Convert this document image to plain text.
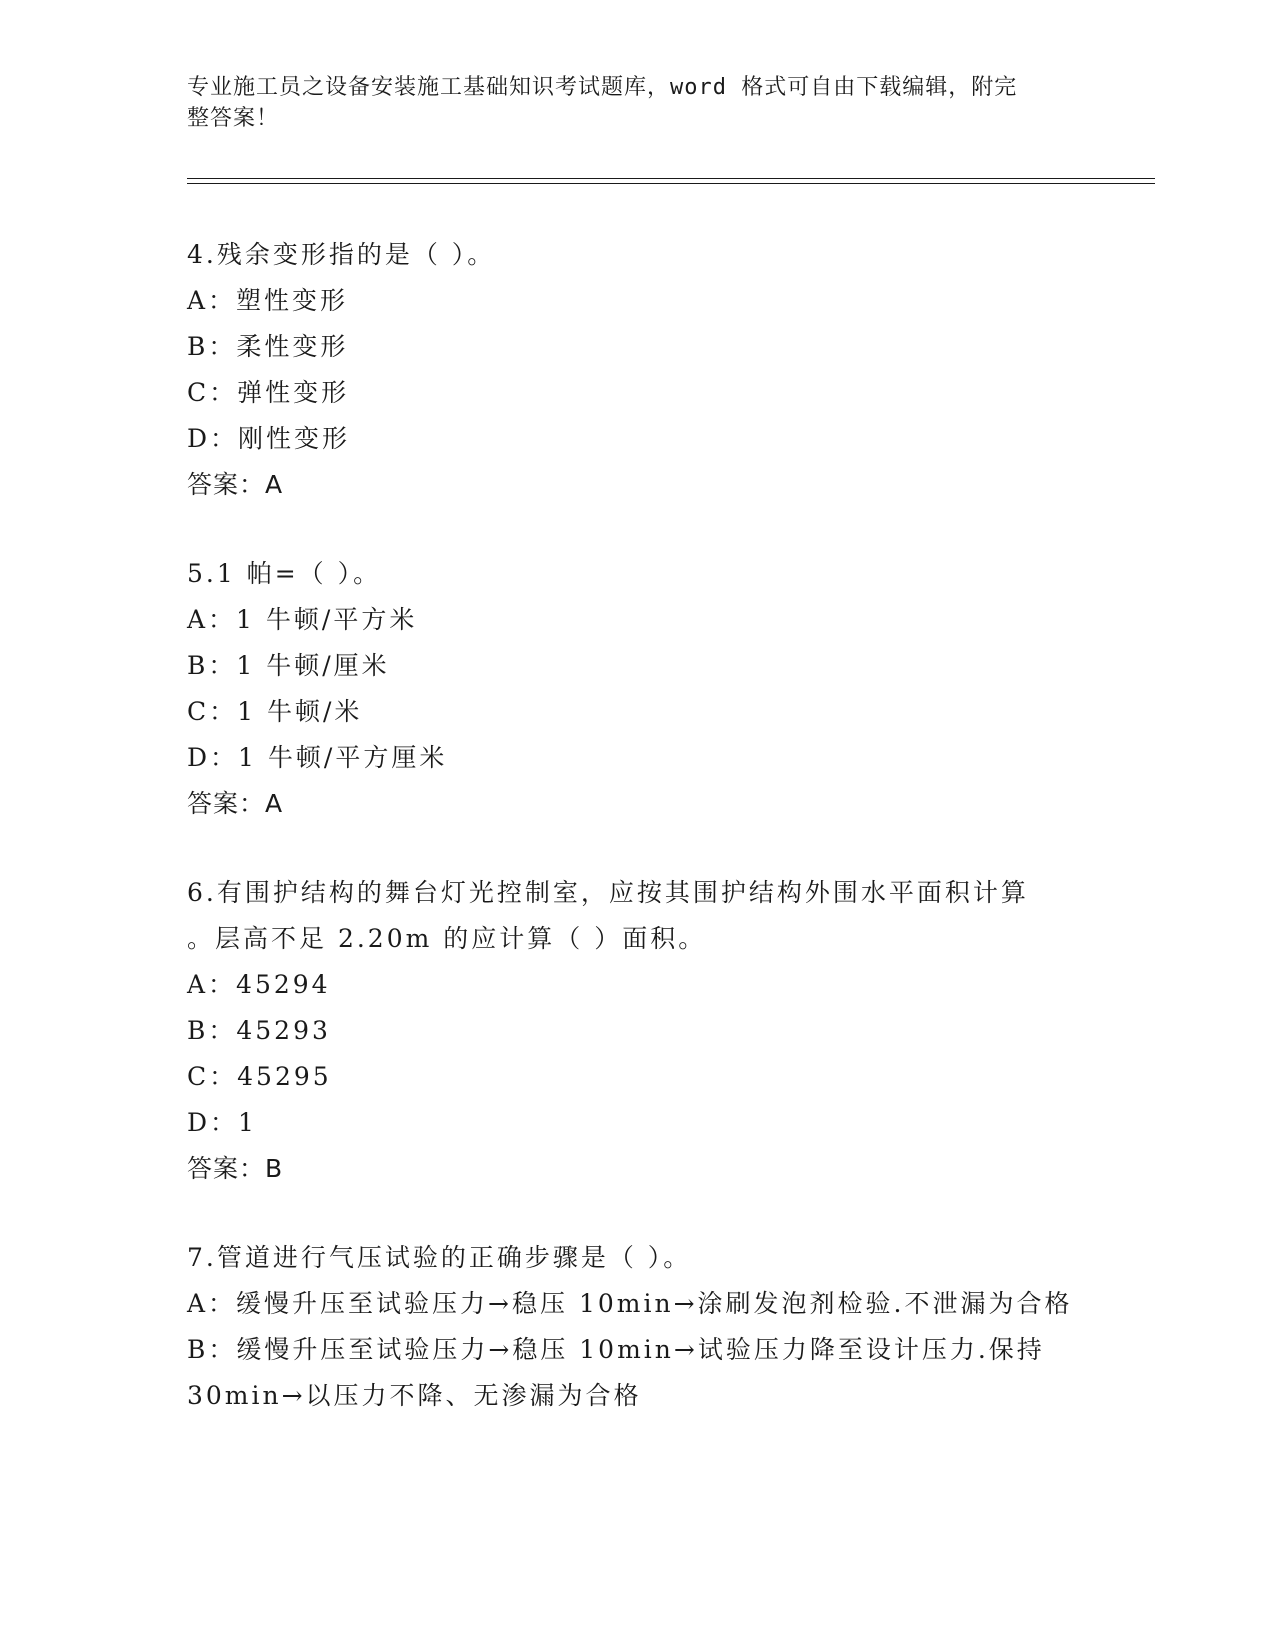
专业施工员之设备安装施工基础知识考试题库，word 格式可自由下载编辑，附完
整答案！
4.残余变形指的是（ ）。
A：塑性变形
B：柔性变形
C：弹性变形
D：刚性变形
答案：A
5.1 帕=（ ）。
A：1 牛顿/平方米
B：1 牛顿/厘米
C：1 牛顿/米
D：1 牛顿/平方厘米
答案：A
6.有围护结构的舞台灯光控制室，应按其围护结构外围水平面积计算
。层高不足 2.20m 的应计算（ ）面积。
A：45294
B：45293
C：45295
D：1
答案：B
7.管道进行气压试验的正确步骤是（ ）。
A：缓慢升压至试验压力→稳压 10min→涂刷发泡剂检验.不泄漏为合格
B：缓慢升压至试验压力→稳压 10min→试验压力降至设计压力.保持
30min→以压力不降、无渗漏为合格
